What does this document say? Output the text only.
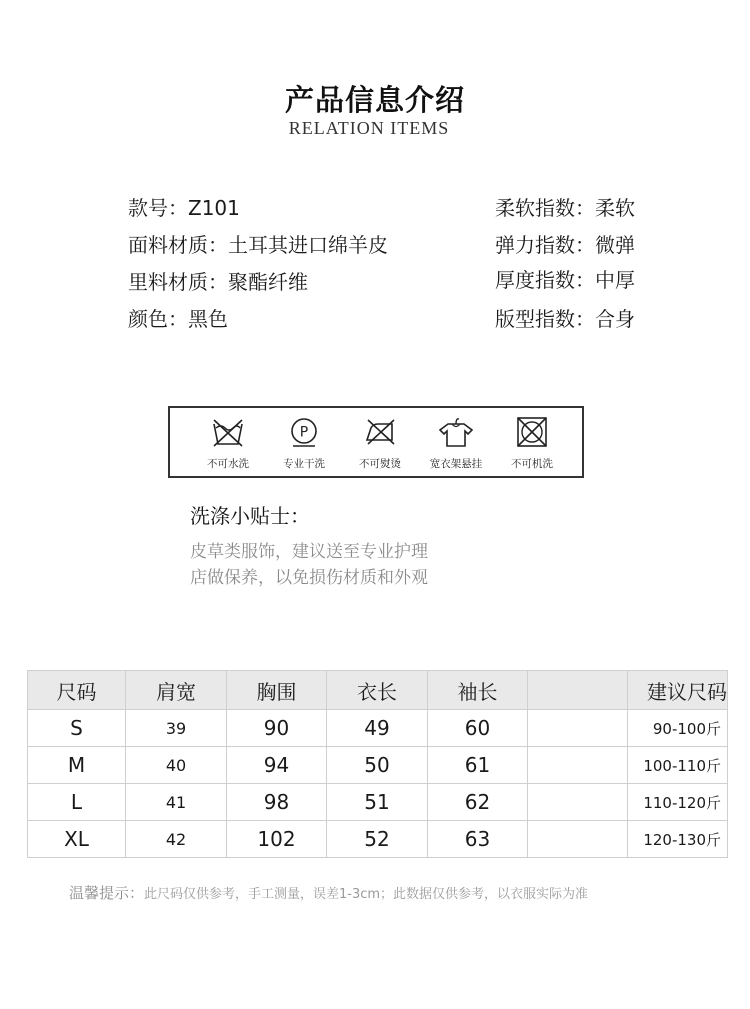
产品信息介绍
RELATION ITEMS
款号：Z101
面料材质：土耳其进口绵羊皮
里料材质：聚酯纤维
颜色：黑色
柔软指数：柔软
弹力指数：微弹
厚度指数：中厚
版型指数：合身
不可水洗
P
专业干洗	不可熨烫	宽衣架悬挂	不可机洗
洗涤小贴士：
皮草类服饰，建议送至专业护理
店做保养，以免损伤材质和外观
尺码	肩宽	胸围	衣长	袖长		建议尺码
S	39	90	49	60		90-100斤
M	40	94	50	61		100-110斤
L	41	98	51	62		110-120斤
XL	42	102	52	63		120-130斤
温馨提示：此尺码仅供参考，手工测量，误差1-3cm；此数据仅供参考，以衣服实际为准
